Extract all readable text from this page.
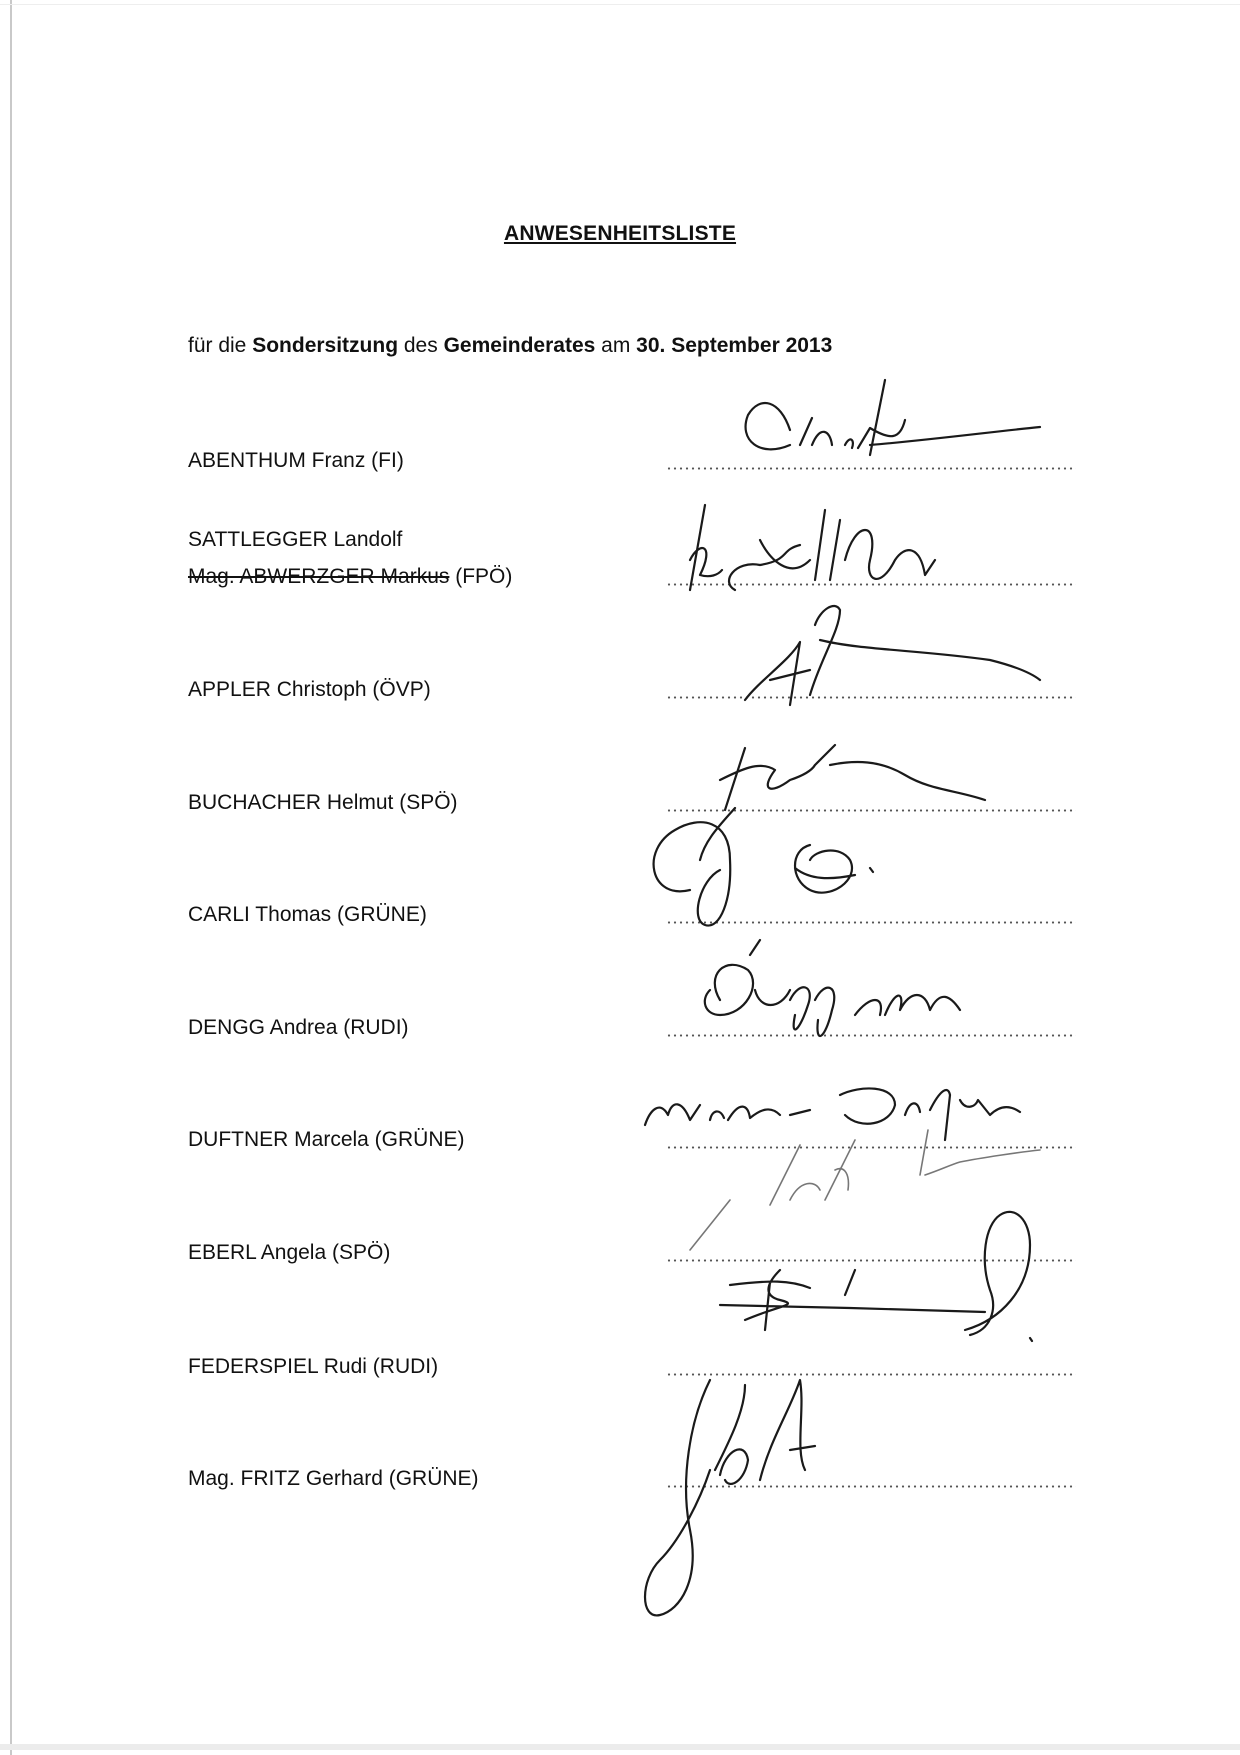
ANWESENHEITSLISTE
für die Sondersitzung des Gemeinderates am 30. September 2013
ABENTHUM Franz (FI)
SATTLEGGER Landolf
Mag. ABWERZGER Markus (FPÖ)
APPLER Christoph (ÖVP)
BUCHACHER Helmut (SPÖ)
CARLI Thomas (GRÜNE)
DENGG Andrea (RUDI)
DUFTNER Marcela (GRÜNE)
EBERL Angela (SPÖ)
FEDERSPIEL Rudi (RUDI)
Mag. FRITZ Gerhard (GRÜNE)
